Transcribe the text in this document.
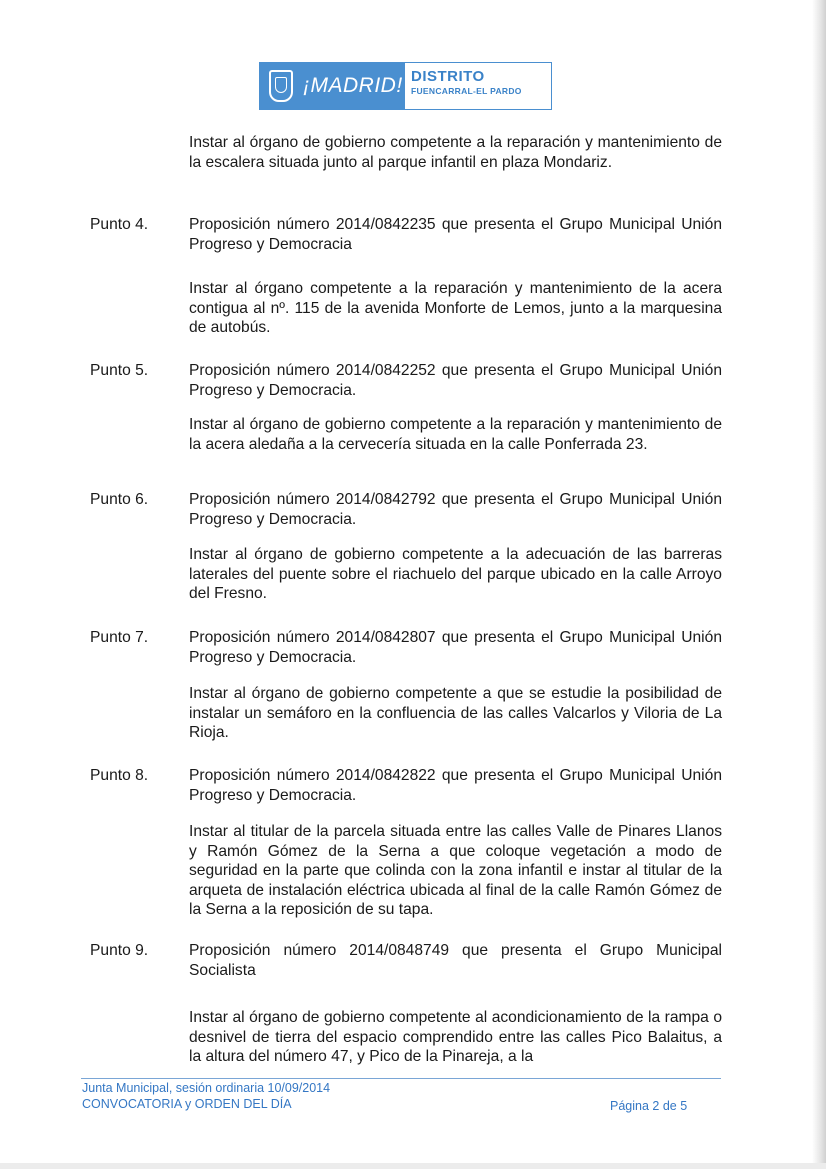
¡MADRID! DISTRITO
FUENCARRAL-EL PARDO

Instar al órgano de gobierno competente a la reparación y mantenimiento de la escalera situada junto al parque infantil en plaza Mondariz.

Punto 4.	Proposición número 2014/0842235 que presenta el Grupo Municipal Unión Progreso y Democracia

Instar al órgano competente a la reparación y mantenimiento de la acera contigua al nº. 115 de la avenida Monforte de Lemos, junto a la marquesina de autobús.

Punto 5.	Proposición número 2014/0842252 que presenta el Grupo Municipal Unión Progreso y Democracia.

Instar al órgano de gobierno competente a la reparación y mantenimiento de la acera aledaña a la cervecería situada en la calle Ponferrada 23.

Punto 6.	Proposición número 2014/0842792 que presenta el Grupo Municipal Unión Progreso y Democracia.

Instar al órgano de gobierno competente a la adecuación de las barreras laterales del puente sobre el riachuelo del parque ubicado en la calle Arroyo del Fresno.

Punto 7.	Proposición número 2014/0842807 que presenta el Grupo Municipal Unión Progreso y Democracia.

Instar al órgano de gobierno competente a que se estudie la posibilidad de instalar un semáforo en la confluencia de las calles Valcarlos y Viloria de La Rioja.

Punto 8.	Proposición número 2014/0842822 que presenta el Grupo Municipal Unión Progreso y Democracia.

Instar al titular de la parcela situada entre las calles Valle de Pinares Llanos y Ramón Gómez de la Serna a que coloque vegetación a modo de seguridad en la parte que colinda con la zona infantil e instar al titular de la arqueta de instalación eléctrica ubicada al final de la calle Ramón Gómez de la Serna a la reposición de su tapa.

Punto 9.	Proposición número 2014/0848749 que presenta el Grupo Municipal Socialista

Instar al órgano de gobierno competente al acondicionamiento de la rampa o desnivel de tierra del espacio comprendido entre las calles Pico Balaitus, a la altura del número 47, y Pico de la Pinareja, a la

Junta Municipal, sesión ordinaria 10/09/2014
CONVOCATORIA y ORDEN DEL DÍA	Página 2 de 5
